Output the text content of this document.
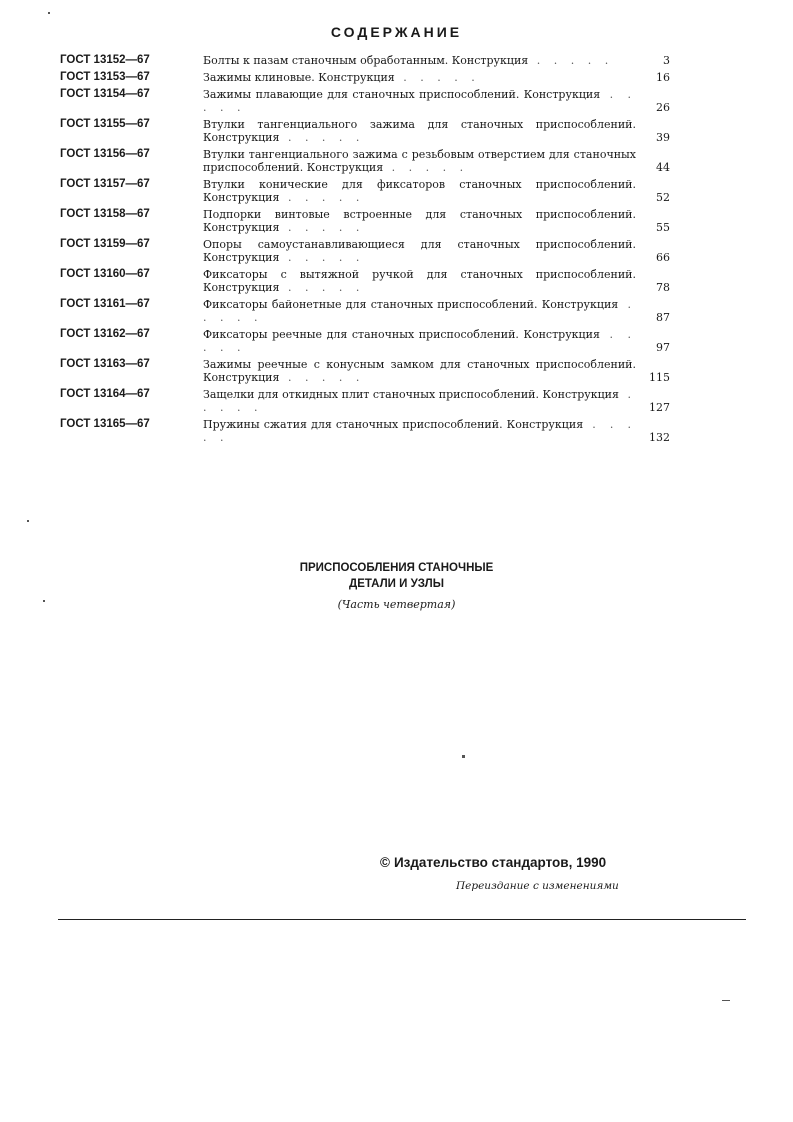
СОДЕРЖАНИЕ
ГОСТ 13152—67	Болты к пазам станочным обработанным. Конструкция . . . . .	3
ГОСТ 13153—67	Зажимы клиновые. Конструкция . . . . .	16
ГОСТ 13154—67	Зажимы плавающие для станочных приспособлений. Конструкция . . . . .	26
ГОСТ 13155—67	Втулки тангенциального зажима для станочных приспособлений. Конструкция . . . . .	39
ГОСТ 13156—67	Втулки тангенциального зажима с резьбовым отверстием для станочных приспособлений. Конструкция . . . . .	44
ГОСТ 13157—67	Втулки конические для фиксаторов станочных приспособлений. Конструкция . . . . .	52
ГОСТ 13158—67	Подпорки винтовые встроенные для станочных приспособлений. Конструкция . . . . .	55
ГОСТ 13159—67	Опоры самоустанавливающиеся для станочных приспособлений. Конструкция . . . . .	66
ГОСТ 13160—67	Фиксаторы с вытяжной ручкой для станочных приспособлений. Конструкция . . . . .	78
ГОСТ 13161—67	Фиксаторы байонетные для станочных приспособлений. Конструкция . . . . .	87
ГОСТ 13162—67	Фиксаторы реечные для станочных приспособлений. Конструкция . . . . .	97
ГОСТ 13163—67	Зажимы реечные с конусным замком для станочных приспособлений. Конструкция . . . . .	115
ГОСТ 13164—67	Защелки для откидных плит станочных приспособлений. Конструкция . . . . .	127
ГОСТ 13165—67	Пружины сжатия для станочных приспособлений. Конструкция . . . . .	132
ПРИСПОСОБЛЕНИЯ СТАНОЧНЫЕ
ДЕТАЛИ И УЗЛЫ
(Часть четвертая)
© Издательство стандартов, 1990
Переиздание с изменениями
